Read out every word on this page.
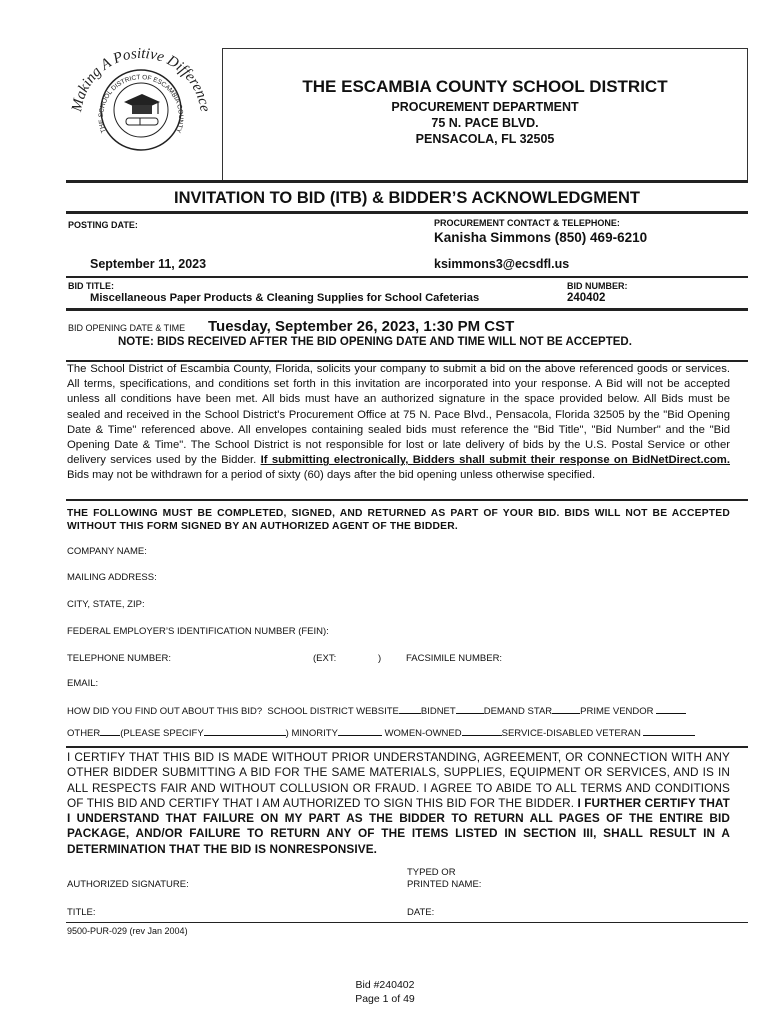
Making A Positive Difference
THE SCHOOL DISTRICT OF ESCAMBIA COUNTY
THE ESCAMBIA COUNTY SCHOOL DISTRICT
PROCUREMENT DEPARTMENT
75 N. PACE BLVD.
PENSACOLA, FL 32505
INVITATION TO BID (ITB) & BIDDER’S ACKNOWLEDGMENT
POSTING DATE:	PROCUREMENT CONTACT & TELEPHONE:
Kanisha Simmons (850) 469-6210
September 11, 2023	ksimmons3@ecsdfl.us
BID TITLE:	BID NUMBER:
Miscellaneous Paper Products & Cleaning Supplies for School Cafeterias	240402
BID OPENING DATE & TIME Tuesday, September 26, 2023, 1:30 PM CST
NOTE: BIDS RECEIVED AFTER THE BID OPENING DATE AND TIME WILL NOT BE ACCEPTED.
The School District of Escambia County, Florida, solicits your company to submit a bid on the above referenced goods or services. All terms, specifications, and conditions set forth in this invitation are incorporated into your response. A Bid will not be accepted unless all conditions have been met. All bids must have an authorized signature in the space provided below. All Bids must be sealed and received in the School District's Procurement Office at 75 N. Pace Blvd., Pensacola, Florida 32505 by the "Bid Opening Date & Time" referenced above. All envelopes containing sealed bids must reference the "Bid Title", "Bid Number" and the "Bid Opening Date & Time". The School District is not responsible for lost or late delivery of bids by the U.S. Postal Service or other delivery services used by the Bidder. If submitting electronically, Bidders shall submit their response on BidNetDirect.com. Bids may not be withdrawn for a period of sixty (60) days after the bid opening unless otherwise specified.
THE FOLLOWING MUST BE COMPLETED, SIGNED, AND RETURNED AS PART OF YOUR BID. BIDS WILL NOT BE ACCEPTED WITHOUT THIS FORM SIGNED BY AN AUTHORIZED AGENT OF THE BIDDER.
COMPANY NAME:
MAILING ADDRESS:
CITY, STATE, ZIP:
FEDERAL EMPLOYER’S IDENTIFICATION NUMBER (FEIN):
TELEPHONE NUMBER:	(EXT:	)	FACSIMILE NUMBER:
EMAIL:
HOW DID YOU FIND OUT ABOUT THIS BID? SCHOOL DISTRICT WEBSITE BIDNET	DEMAND STAR	PRIME VENDOR
OTHER (PLEASE SPECIFY	) MINORITY	WOMEN-OWNED	SERVICE-DISABLED VETERAN
I CERTIFY THAT THIS BID IS MADE WITHOUT PRIOR UNDERSTANDING, AGREEMENT, OR CONNECTION WITH ANY OTHER BIDDER SUBMITTING A BID FOR THE SAME MATERIALS, SUPPLIES, EQUIPMENT OR SERVICES, AND IS IN ALL RESPECTS FAIR AND WITHOUT COLLUSION OR FRAUD. I AGREE TO ABIDE TO ALL TERMS AND CONDITIONS OF THIS BID AND CERTIFY THAT I AM AUTHORIZED TO SIGN THIS BID FOR THE BIDDER. I FURTHER CERTIFY THAT I UNDERSTAND THAT FAILURE ON MY PART AS THE BIDDER TO RETURN ALL PAGES OF THE ENTIRE BID PACKAGE, AND/OR FAILURE TO RETURN ANY OF THE ITEMS LISTED IN SECTION III, SHALL RESULT IN A DETERMINATION THAT THE BID IS NONRESPONSIVE.
AUTHORIZED SIGNATURE:
TYPED OR
PRINTED NAME:
TITLE:	DATE:
9500-PUR-029 (rev Jan 2004)
Bid #240402
Page 1 of 49
